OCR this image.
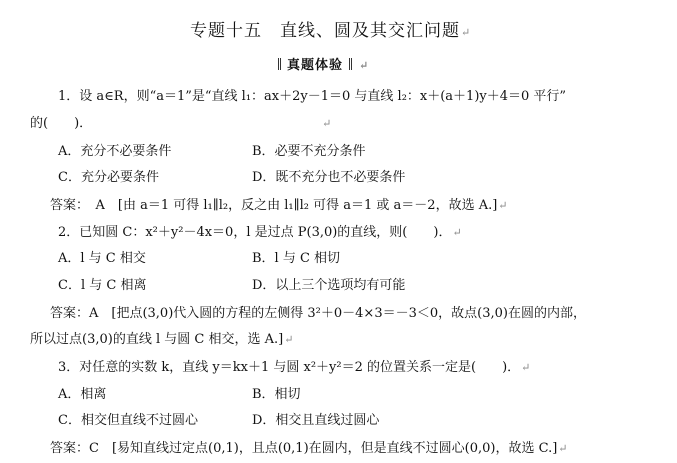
专题十五　直线、圆及其交汇问题↵
真题体验 ↵
1．设 a∈R，则“a＝1”是“直线 l₁：ax＋2y－1＝0 与直线 l₂：x＋(a＋1)y＋4＝0 平行”
的(　　)．	↵
A．充分不必要条件	B．必要不充分条件
C．充分必要条件	D．既不充分也不必要条件
答案：　A　[由 a＝1 可得 l₁∥l₂，反之由 l₁∥l₂ 可得 a＝1 或 a＝－2，故选 A.]↵
2．已知圆 C：x²＋y²－4x＝0，l 是过点 P(3,0)的直线，则(　　)．↵
A．l 与 C 相交	B．l 与 C 相切
C．l 与 C 相离	D．以上三个选项均有可能
答案：A　[把点(3,0)代入圆的方程的左侧得 3²＋0－4×3＝－3＜0，故点(3,0)在圆的内部，
所以过点(3,0)的直线 l 与圆 C 相交，选 A.]↵
3．对任意的实数 k，直线 y＝kx＋1 与圆 x²＋y²＝2 的位置关系一定是(　　)．↵
A．相离	B．相切
C．相交但直线不过圆心	D．相交且直线过圆心
答案：C　[易知直线过定点(0,1)，且点(0,1)在圆内，但是直线不过圆心(0,0)，故选 C.]↵
